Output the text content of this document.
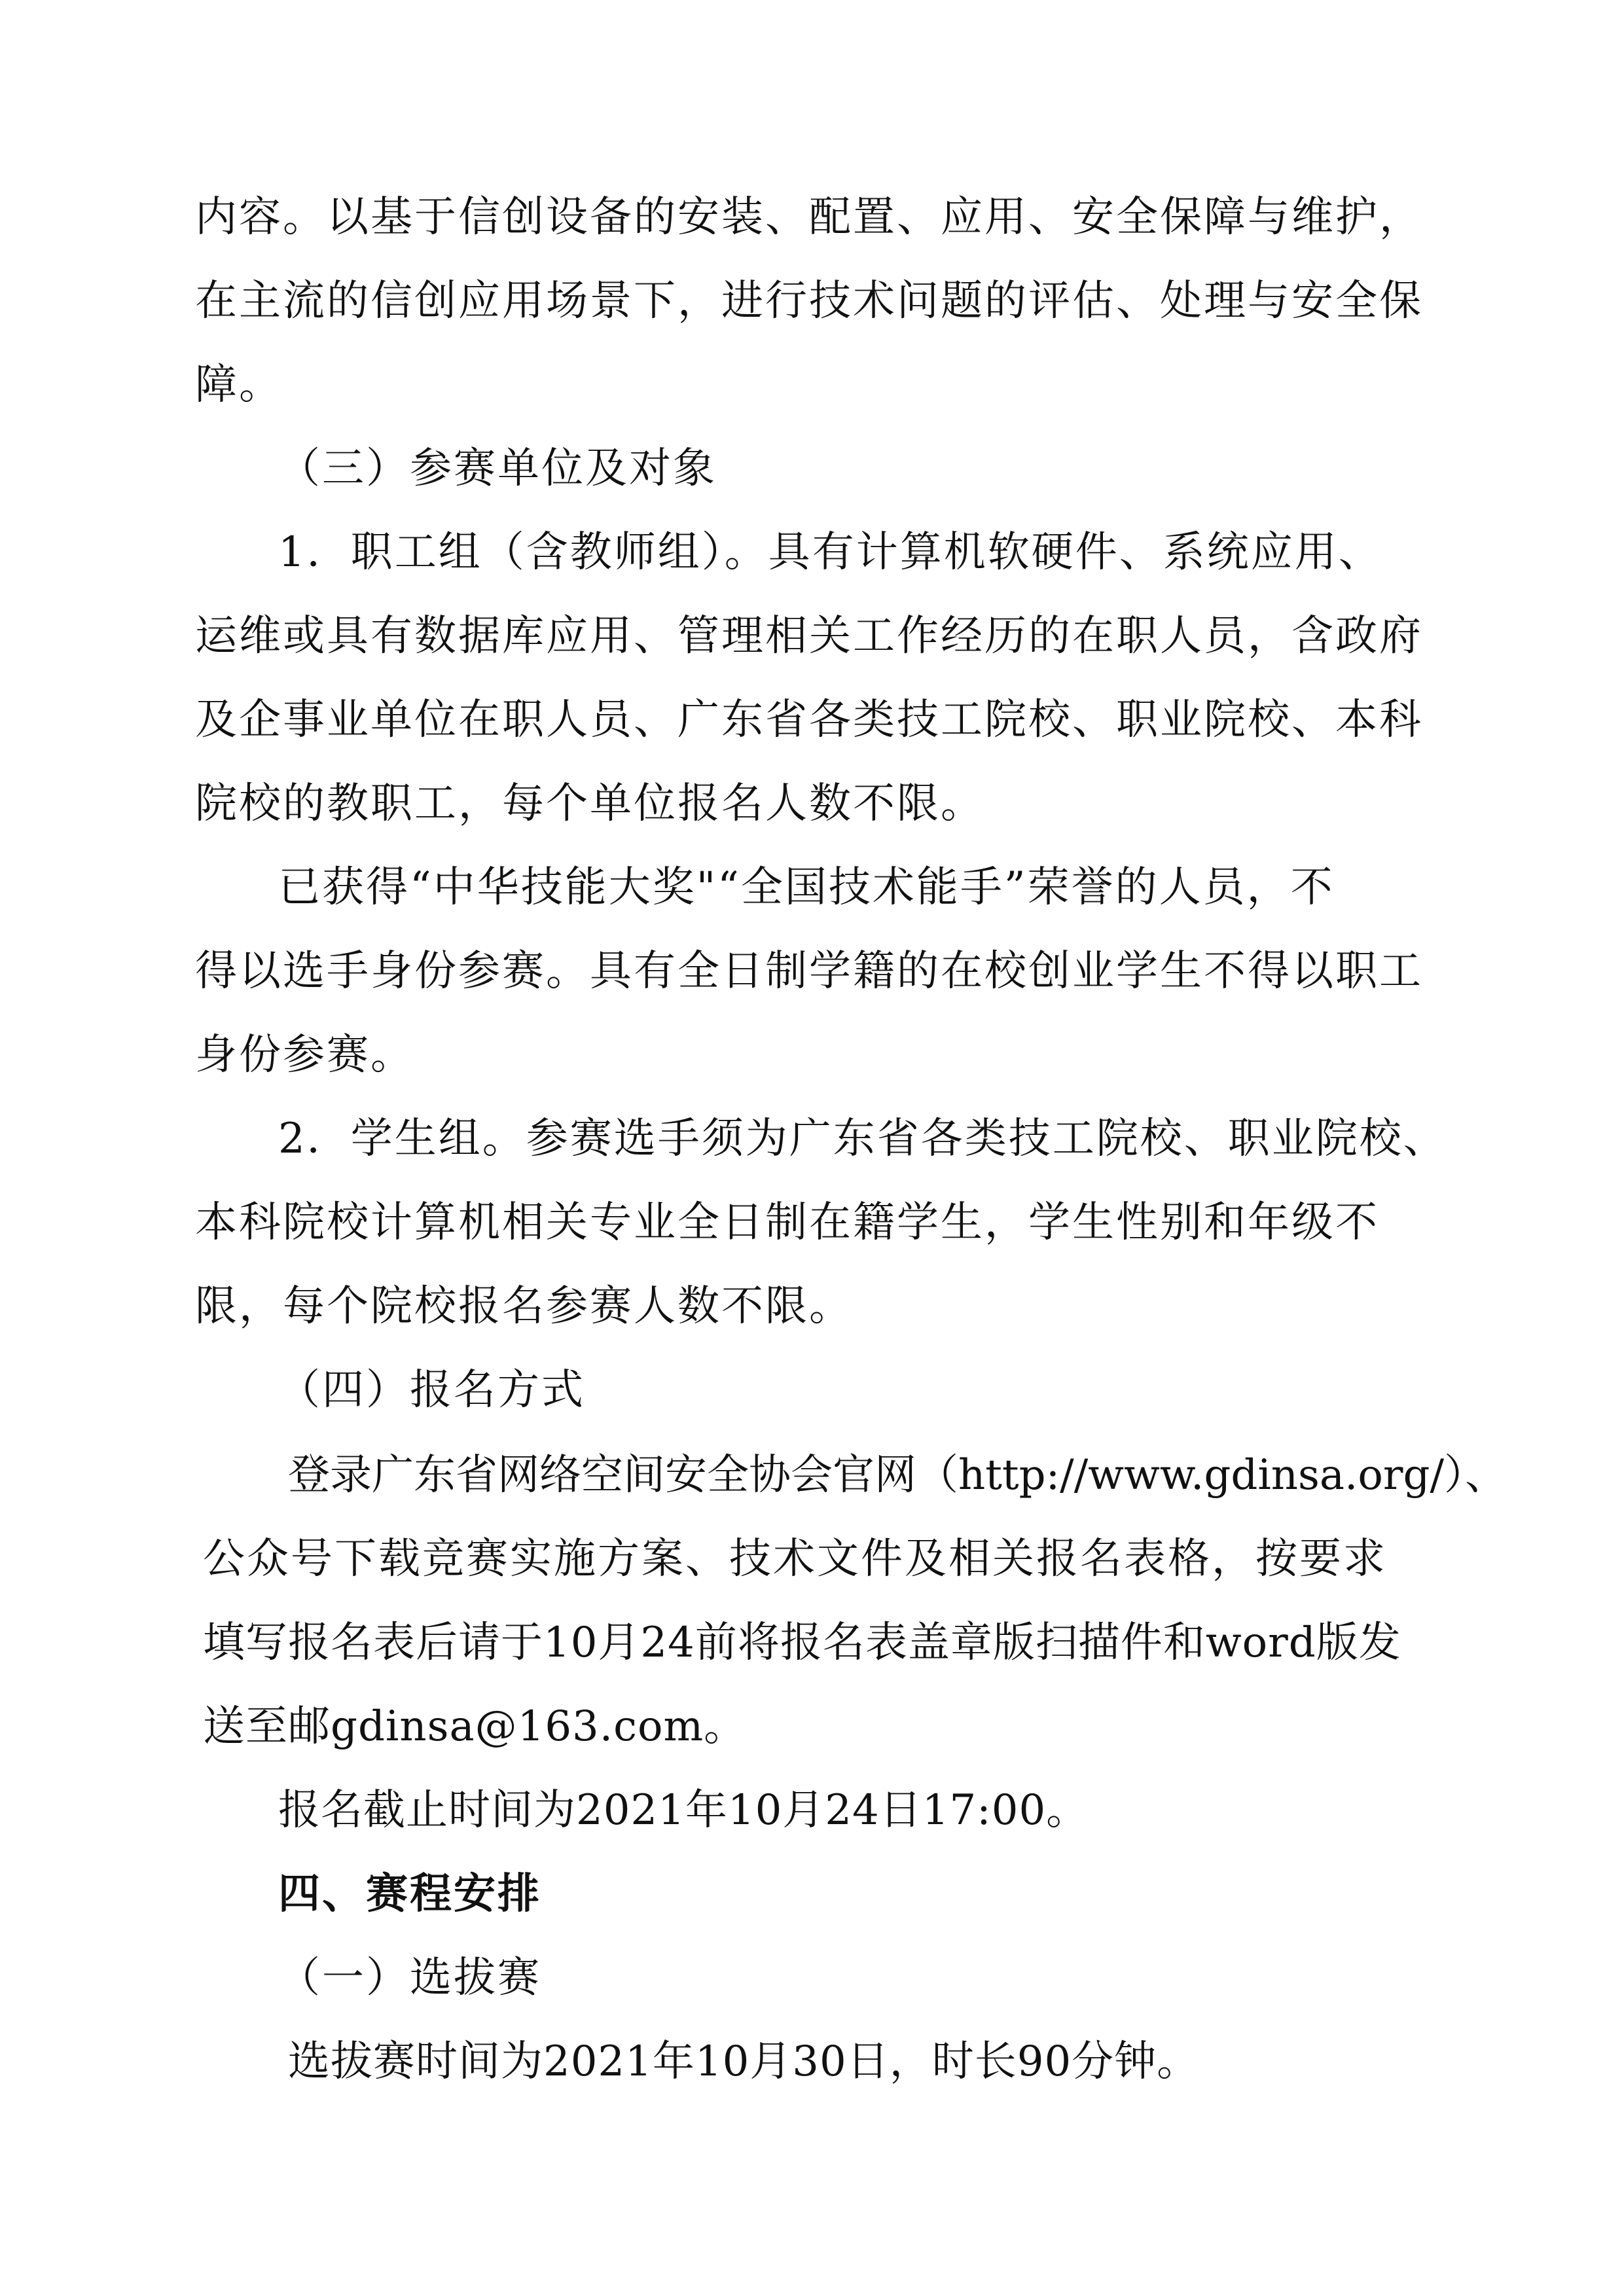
内容。以基于信创设备的安装、配置、应用、安全保障与维护，
在主流的信创应用场景下，进行技术问题的评估、处理与安全保
障。
（三）参赛单位及对象
1．职工组（含教师组）。具有计算机软硬件、系统应用、
运维或具有数据库应用、管理相关工作经历的在职人员，含政府
及企事业单位在职人员、广东省各类技工院校、职业院校、本科
院校的教职工，每个单位报名人数不限。
已获得“中华技能大奖"“全国技术能手”荣誉的人员，不
得以选手身份参赛。具有全日制学籍的在校创业学生不得以职工
身份参赛。
2．学生组。参赛选手须为广东省各类技工院校、职业院校、
本科院校计算机相关专业全日制在籍学生，学生性别和年级不
限，每个院校报名参赛人数不限。
（四）报名方式
登录广东省网络空间安全协会官网（http://www.gdinsa.org/）、
公众号下载竞赛实施方案、技术文件及相关报名表格，按要求
填写报名表后请于10月24前将报名表盖章版扫描件和word版发
送至邮gdinsa@163.com。
报名截止时间为2021年10月24日17:00。
四、赛程安排
（一）选拔赛
选拔赛时间为2021年10月30日，时长90分钟。
